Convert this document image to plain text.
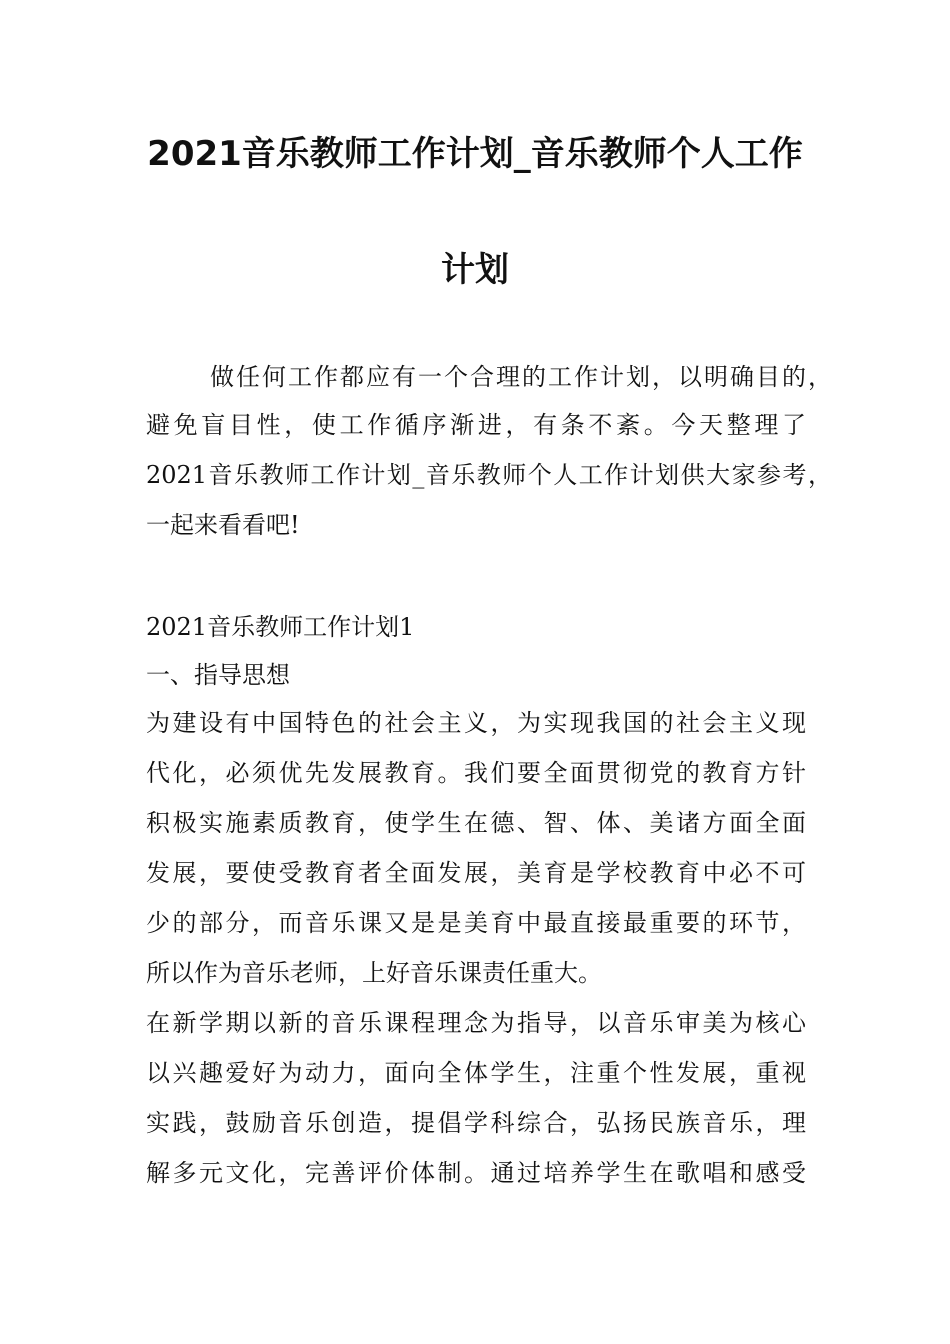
2021音乐教师工作计划_音乐教师个人工作
计划
做任何工作都应有一个合理的工作计划，以明确目的，
避免盲目性，使工作循序渐进，有条不紊。今天整理了
2021音乐教师工作计划_音乐教师个人工作计划供大家参考，
一起来看看吧!
2021音乐教师工作计划1
一、指导思想
为建设有中国特色的社会主义，为实现我国的社会主义现
代化，必须优先发展教育。我们要全面贯彻党的教育方针
积极实施素质教育，使学生在德、智、体、美诸方面全面
发展，要使受教育者全面发展，美育是学校教育中必不可
少的部分，而音乐课又是是美育中最直接最重要的环节，
所以作为音乐老师，上好音乐课责任重大。
在新学期以新的音乐课程理念为指导，以音乐审美为核心
以兴趣爱好为动力，面向全体学生，注重个性发展，重视
实践，鼓励音乐创造，提倡学科综合，弘扬民族音乐，理
解多元文化，完善评价体制。通过培养学生在歌唱和感受
